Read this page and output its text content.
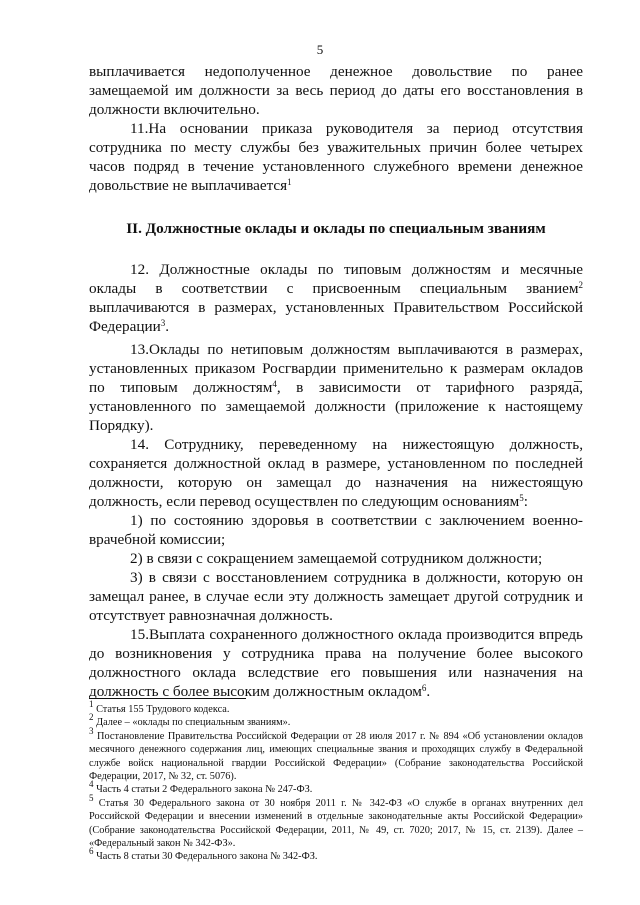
5

выплачивается недополученное денежное довольствие по ранее замещаемой им должности за весь период до даты его восстановления в должности включительно.

11.На основании приказа руководителя за период отсутствия сотрудника по месту службы без уважительных причин более четырех часов подряд в течение установленного служебного времени денежное довольствие не выплачивается$^1$

II. Должностные оклады и оклады по специальным званиям

12. Должностные оклады по типовым должностям и месячные оклады в соответствии с присвоенным специальным званием$^2$ выплачиваются в размерах, установленных Правительством Российской Федерации$^3$.

13.Оклады по нетиповым должностям выплачиваются в размерах, установленных приказом Росгвардии применительно к размерам окладов по типовым должностям$^4$, в зависимости от тарифного разряда, установленного по замещаемой должности (приложение к настоящему Порядку).

14. Сотруднику, переведенному на нижестоящую должность, сохраняется должностной оклад в размере, установленном по последней должности, которую он замещал до назначения на нижестоящую должность, если перевод осуществлен по следующим основаниям$^5$:

1) по состоянию здоровья в соответствии с заключением военно-врачебной комиссии;

2) в связи с сокращением замещаемой сотрудником должности;

3) в связи с восстановлением сотрудника в должности, которую он замещал ранее, в случае если эту должность замещает другой сотрудник и отсутствует равнозначная должность.

15.Выплата сохраненного должностного оклада производится впредь до возникновения у сотрудника права на получение более высокого должностного оклада вследствие его повышения или назначения на должность с более высоким должностным окладом$^6$.

$^1$ Статья 155 Трудового кодекса.

$^2$ Далее – «оклады по специальным званиям».

$^3$ Постановление Правительства Российской Федерации от 28 июля 2017 г. № 894 «Об установлении окладов месячного денежного содержания лиц, имеющих специальные звания и проходящих службу в Федеральной службе войск национальной гвардии Российской Федерации» (Собрание законодательства Российской Федерации, 2017, № 32, ст. 5076).

$^4$ Часть 4 статьи 2 Федерального закона № 247-ФЗ.

$^5$ Статья 30 Федерального закона от 30 ноября 2011 г. № 342-ФЗ «О службе в органах внутренних дел Российской Федерации и внесении изменений в отдельные законодательные акты Российской Федерации» (Собрание законодательства Российской Федерации, 2011, № 49, ст. 7020; 2017, № 15, ст. 2139). Далее – «Федеральный закон № 342-ФЗ».

$^6$ Часть 8 статьи 30 Федерального закона № 342-ФЗ.
